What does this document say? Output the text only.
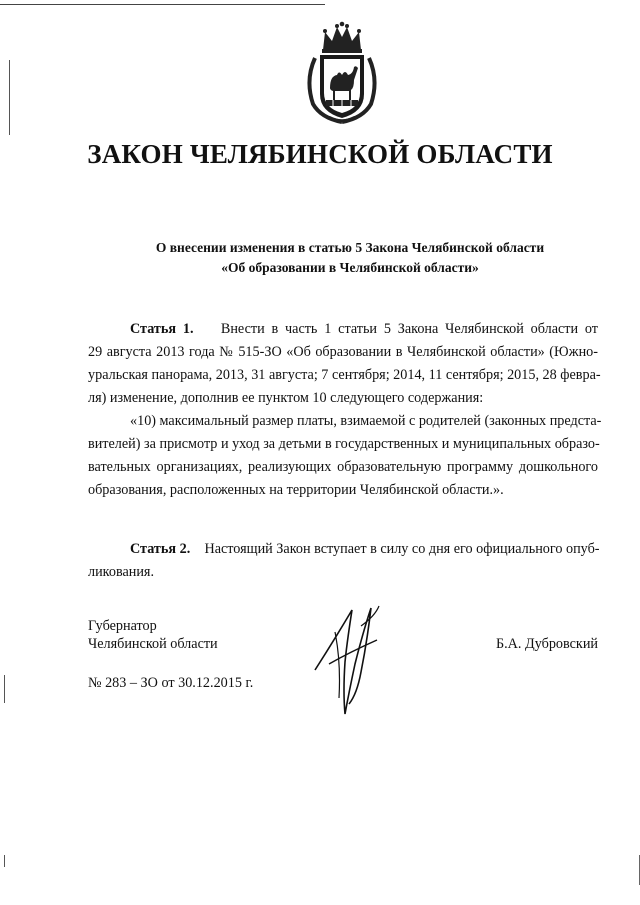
ЗАКОН ЧЕЛЯБИНСКОЙ ОБЛАСТИ
О внесении изменения в статью 5 Закона Челябинской области
«Об образовании в Челябинской области»
Статья 1. Внести в часть 1 статьи 5 Закона Челябинской области от
29 августа 2013 года № 515-ЗО «Об образовании в Челябинской области» (Южно-
уральская панорама, 2013, 31 августа; 7 сентября; 2014, 11 сентября; 2015, 28 февра-
ля) изменение, дополнив ее пунктом 10 следующего содержания:
«10) максимальный размер платы, взимаемой с родителей (законных предста-
вителей) за присмотр и уход за детьми в государственных и муниципальных образо-
вательных организациях, реализующих образовательную программу дошкольного
образования, расположенных на территории Челябинской области.».
Статья 2. Настоящий Закон вступает в силу со дня его официального опуб-
ликования.
Губернатор
Челябинской области	Б.А. Дубровский
№ 283 – ЗО от 30.12.2015 г.
